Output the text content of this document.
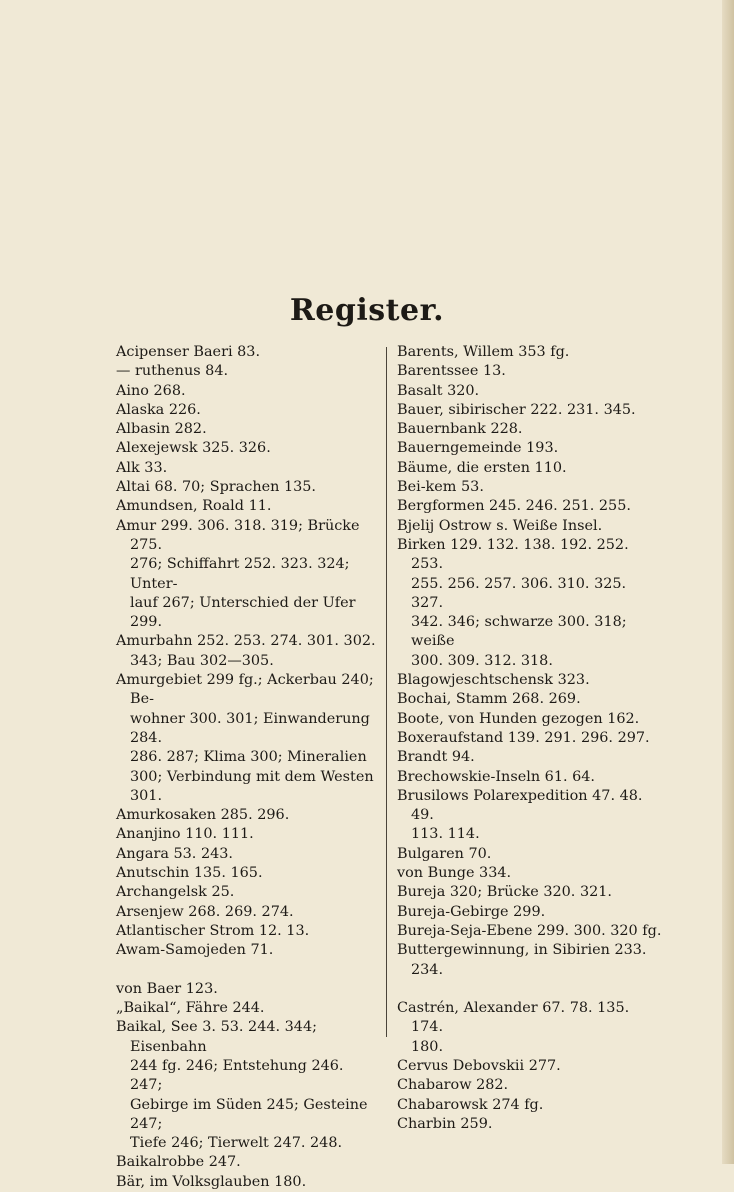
Register.

Acipenser Baeri 83.

— ruthenus 84.

Aino 268.

Alaska 226.

Albasin 282.

Alexejewsk 325. 326.

Alk 33.

Altai 68. 70; Sprachen 135.

Amundsen, Roald 11.

Amur 299. 306. 318. 319; Brücke 275.
276; Schiffahrt 252. 323. 324; Unter-
lauf 267; Unterschied der Ufer 299.

Amurbahn 252. 253. 274. 301. 302.
343; Bau 302—305.

Amurgebiet 299 fg.; Ackerbau 240; Be-
wohner 300. 301; Einwanderung 284.
286. 287; Klima 300; Mineralien
300; Verbindung mit dem Westen 301.

Amurkosaken 285. 296.

Ananjino 110. 111.

Angara 53. 243.

Anutschin 135. 165.

Archangelsk 25.

Arsenjew 268. 269. 274.

Atlantischer Strom 12. 13.

Awam-Samojeden 71.

von Baer 123.

„Baikal“, Fähre 244.

Baikal, See 3. 53. 244. 344; Eisenbahn
244 fg. 246; Entstehung 246. 247;
Gebirge im Süden 245; Gesteine 247;
Tiefe 246; Tierwelt 247. 248.

Baikalrobbe 247.

Bär, im Volksglauben 180.

Barents, Willem 353 fg.

Barentssee 13.

Basalt 320.

Bauer, sibirischer 222. 231. 345.

Bauernbank 228.

Bauerngemeinde 193.

Bäume, die ersten 110.

Bei-kem 53.

Bergformen 245. 246. 251. 255.

Bjelij Ostrow s. Weiße Insel.

Birken 129. 132. 138. 192. 252. 253.
255. 256. 257. 306. 310. 325. 327.
342. 346; schwarze 300. 318; weiße
300. 309. 312. 318.

Blagowjeschtschensk 323.

Bochai, Stamm 268. 269.

Boote, von Hunden gezogen 162.

Boxeraufstand 139. 291. 296. 297.

Brandt 94.

Brechowskie-Inseln 61. 64.

Brusilows Polarexpedition 47. 48. 49.
113. 114.

Bulgaren 70.

von Bunge 334.

Bureja 320; Brücke 320. 321.

Bureja-Gebirge 299.

Bureja-Seja-Ebene 299. 300. 320 fg.

Buttergewinnung, in Sibirien 233. 234.

Castrén, Alexander 67. 78. 135. 174.
180.

Cervus Debovskii 277.

Chabarow 282.

Chabarowsk 274 fg.

Charbin 259.
